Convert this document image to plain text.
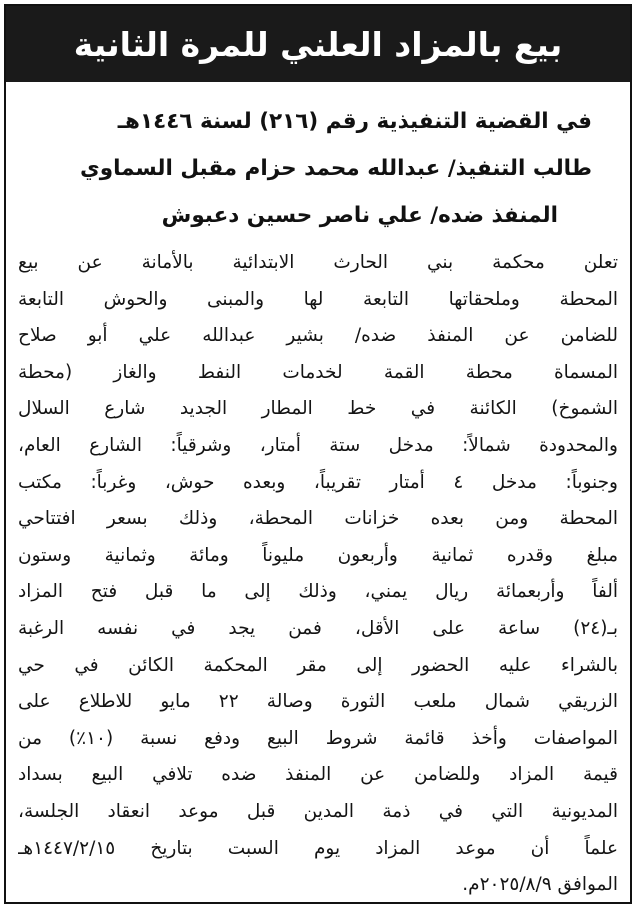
بيع بالمزاد العلني للمرة الثانية
في القضية التنفيذية رقم (٢١٦) لسنة ١٤٤٦هـ
طالب التنفيذ/ عبدالله محمد حزام مقبل السماوي
المنفذ ضده/ علي ناصر حسين دعبوش
تعلن محكمة بني الحارث الابتدائية بالأمانة عن بيع
المحطة وملحقاتها التابعة لها والمبنى والحوش التابعة
للضامن عن المنفذ ضده/ بشير عبدالله علي أبو صلاح
المسماة محطة القمة لخدمات النفط والغاز (محطة
الشموخ) الكائنة في خط المطار الجديد شارع السلال
والمحدودة شمالاً: مدخل ستة أمتار، وشرقياً: الشارع العام،
وجنوباً: مدخل ٤ أمتار تقريباً، وبعده حوش، وغرباً: مكتب
المحطة ومن بعده خزانات المحطة، وذلك بسعر افتتاحي
مبلغ وقدره ثمانية وأربعون مليوناً ومائة وثمانية وستون
ألفاً وأربعمائة ريال يمني، وذلك إلى ما قبل فتح المزاد
بـ(٢٤) ساعة على الأقل، فمن يجد في نفسه الرغبة
بالشراء عليه الحضور إلى مقر المحكمة الكائن في حي
الزريقي شمال ملعب الثورة وصالة ٢٢ مايو للاطلاع على
المواصفات وأخذ قائمة شروط البيع ودفع نسبة (١٠٪) من
قيمة المزاد وللضامن عن المنفذ ضده تلافي البيع بسداد
المديونية التي في ذمة المدين قبل موعد انعقاد الجلسة،
علماً أن موعد المزاد يوم السبت بتاريخ ١٤٤٧/٢/١٥هـ
الموافق ٢٠٢٥/٨/٩م.
